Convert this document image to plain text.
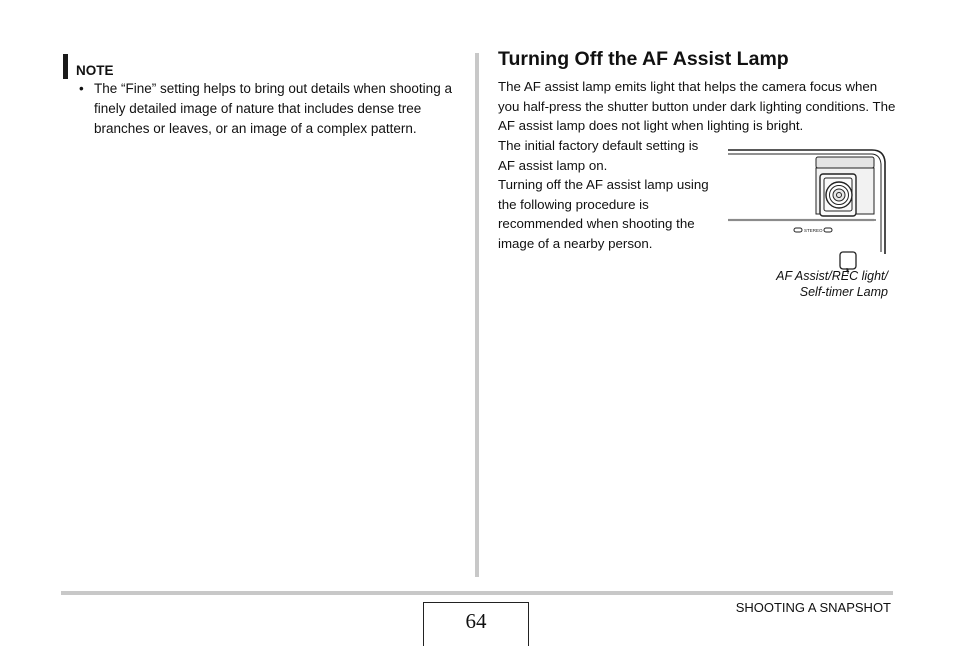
NOTE
• The “Fine” setting helps to bring out details when shooting a finely detailed image of nature that includes dense tree branches or leaves, or an image of a complex pattern.
Turning Off the AF Assist Lamp
The AF assist lamp emits light that helps the camera focus when you half-press the shutter button under dark lighting conditions. The AF assist lamp does not light when lighting is bright.
The initial factory default setting is AF assist lamp on.
Turning off the AF assist lamp using the following procedure is recommended when shooting the image of a nearby person.
STEREO
AF Assist/REC light/
Self-timer Lamp
SHOOTING A SNAPSHOT
64
